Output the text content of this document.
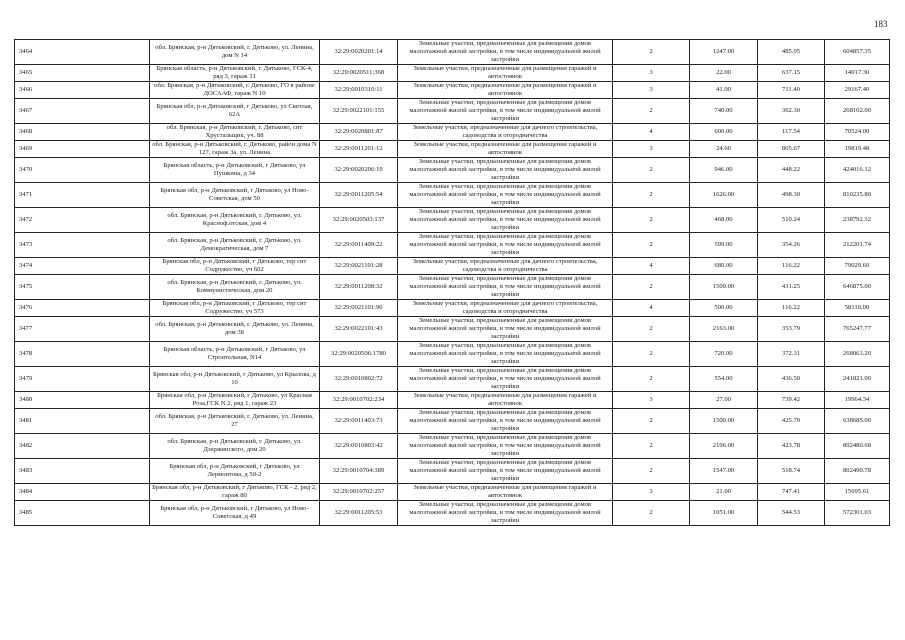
183
3464	обл. Брянская, р-н Дятьковский, г. Дятьково, ул. Ленина, дом N 14	32:29:0020201:14	Земельные участки, предназначенные для размещения домов малоэтажной жилой застройки, в том числе индивидуальной жилой застройки	2	1247.00	485.05	604857.35
3465	Брянская область, р-н Дятьковский, г. Дятьково, ГСК-4, ряд 3, гараж 31	32:29:0020511:368	Земельные участки, предназначенные для размещения гаражей и автостоянок	3	22.00	637.15	14017.30
3466	обл. Брянская, р-н Дятьковский, г. Дятьково, ГО в районе ДОСААФ, гараж N 10	32:29:0010310:11	Земельные участки, предназначенные для размещения гаражей и автостоянок	3	41.00	711.40	29167.40
3467	Брянская обл, р-н Дятьковский, г Дятьково, ул Светлая, 62А	32:29:0022101:155	Земельные участки, предназначенные для размещения домов малоэтажной жилой застройки, в том числе индивидуальной жилой застройки	2	740.00	362.30	268102.00
3468	обл. Брянская, р-н Дятьковский, г. Дятьково, снт Хрустальщик, уч. 88	32:29:0020801:87	Земельные участки, предназначенные для дачного строительства, садоводства и огородничества	4	600.00	117.54	70524.00
3469	обл. Брянская, р-н Дятьковский, г. Дятьково, район дома N 127, гараж 3а, ул. Ленина	32:29:0011201:12	Земельные участки, предназначенные для размещения гаражей и автостоянок	3	24.60	805.67	19819.48
3470	Брянская область, р-н Дятьковский, г Дятьково, ул Пушкина, д 34	32:29:0020206:19	Земельные участки, предназначенные для размещения домов малоэтажной жилой застройки, в том числе индивидуальной жилой застройки	2	946.00	448.22	424016.12
3471	Брянская обл, р-н Дятьковский, г Дятьково, ул Ново-Советская, дом 50	32:29:0011205:54	Земельные участки, предназначенные для размещения домов малоэтажной жилой застройки, в том числе индивидуальной жилой застройки	2	1626.00	498.30	810235.80
3472	обл. Брянская, р-н Дятьковский, г. Дятьково, ул. Красноф.отская, дом 4	32:29:0020503:137	Земельные участки, предназначенные для размещения домов малоэтажной жилой застройки, в том числе индивидуальной жилой застройки	2	468.00	510.24	238792.32
3473	обл. Брянская, р-н Дятьковский, г. Дятьково, ул. Демократическая, дом 7	32:29:0011409:22	Земельные участки, предназначенные для размещения домов малоэтажной жилой застройки, в том числе индивидуальной жилой застройки	2	599.00	354.26	212201.74
3474	Брянская обл, р-н Дятьковский, г Дятьково, тер снт Содружество, уч 602	32:29:0021101:28	Земельные участки, предназначенные для дачного строительства, садоводства и огородничества	4	680.00	116.22	79029.60
3475	обл. Брянская, р-н Дятьковский, г. Дятьково, ул. Коммунистическая, дом 20	32:29:0011208:32	Земельные участки, предназначенные для размещения домов малоэтажной жилой застройки, в том числе индивидуальной жилой застройки	2	1500.00	431.25	646875.00
3476	Брянская обл, р-н Дятьковский, г Дятьково, тер снт Содружество, уч 573	32:29:0021101:90	Земельные участки, предназначенные для дачного строительства, садоводства и огородничества	4	500.00	116.22	58110.00
3477	обл. Брянская, р-н Дятьковский, г. Дятьково, ул. Ленина, дом 38	32:29:0022101:43	Земельные участки, предназначенные для размещения домов малоэтажной жилой застройки, в том числе индивидуальной жилой застройки	2	2163.00	353.79	765247.77
3478	Брянская область, р-н Дятьковский, г Дятьково, ул Строительная, N14	32:29:0020506:1780	Земельные участки, предназначенные для размещения домов малоэтажной жилой застройки, в том числе индивидуальной жилой застройки	2	720.00	372.31	268063.20
3479	Брянская обл, р-н Дятьковский, г Дятьково, ул Крылова, д 10	32:29:0010802:72	Земельные участки, предназначенные для размещения домов малоэтажной жилой застройки, в том числе индивидуальной жилой застройки	2	554.00	436.50	241821.00
3480	Брянская обл, р-н Дятьковский, г Дятьково, ул Красная Роза,ГСК N 2, ряд 1, гараж 23	32:29:0010702:234	Земельные участки, предназначенные для размещения гаражей и автостоянок	3	27.00	739.42	19964.34
3481	обл. Брянская, р-н Дятьковский, г. Дятьково, ул. Ленина, 27	32:29:0011403:73	Земельные участки, предназначенные для размещения домов малоэтажной жилой застройки, в том числе индивидуальной жилой застройки	2	1500.00	425.79	638685.00
3482	обл. Брянская, р-н Дятьковский, г. Дятьково, ул. Дзержинского, дом 20	32:29:0010803:42	Земельные участки, предназначенные для размещения домов малоэтажной жилой застройки, в том числе индивидуальной жилой застройки	2	2106.00	423.78	892480.68
3483	Брянская обл, р-н Дятьковский, г Дятьково, ул Лермонтова, д 50-2	32:29:0010704:389	Земельные участки, предназначенные для размещения домов малоэтажной жилой застройки, в том числе индивидуальной жилой застройки	2	1547.00	518.74	802490.78
3484	Брянская обл, р-н Дятьковский, г Дятьково, ГСК - 2, ряд 2, гараж 80	32:29:0010702:257	Земельные участки, предназначенные для размещения гаражей и автостоянок	3	21.00	747.41	15695.61
3485	Брянская обл, р-н Дятьковский, г Дятьково, ул Ново-Советская, д 49	32:29:0011205:53	Земельные участки, предназначенные для размещения домов малоэтажной жилой застройки, в том числе индивидуальной жилой застройки	2	1051.00	544.53	572301.03
